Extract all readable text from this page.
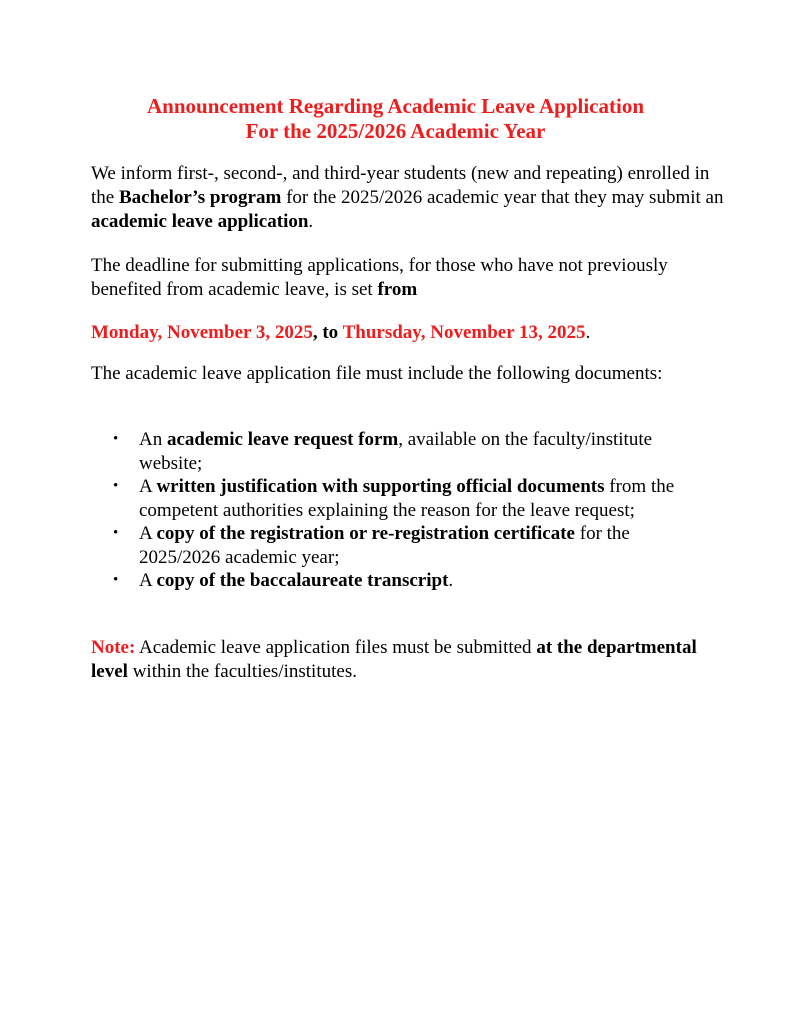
Announcement Regarding Academic Leave Application
For the 2025/2026 Academic Year

We inform first-, second-, and third-year students (new and repeating) enrolled in the Bachelor’s program for the 2025/2026 academic year that they may submit an academic leave application.

The deadline for submitting applications, for those who have not previously benefited from academic leave, is set from

Monday, November 3, 2025, to Thursday, November 13, 2025.

The academic leave application file must include the following documents:

• An academic leave request form, available on the faculty/institute website;
• A written justification with supporting official documents from the competent authorities explaining the reason for the leave request;
• A copy of the registration or re-registration certificate for the 2025/2026 academic year;
• A copy of the baccalaureate transcript.

Note: Academic leave application files must be submitted at the departmental level within the faculties/institutes.
